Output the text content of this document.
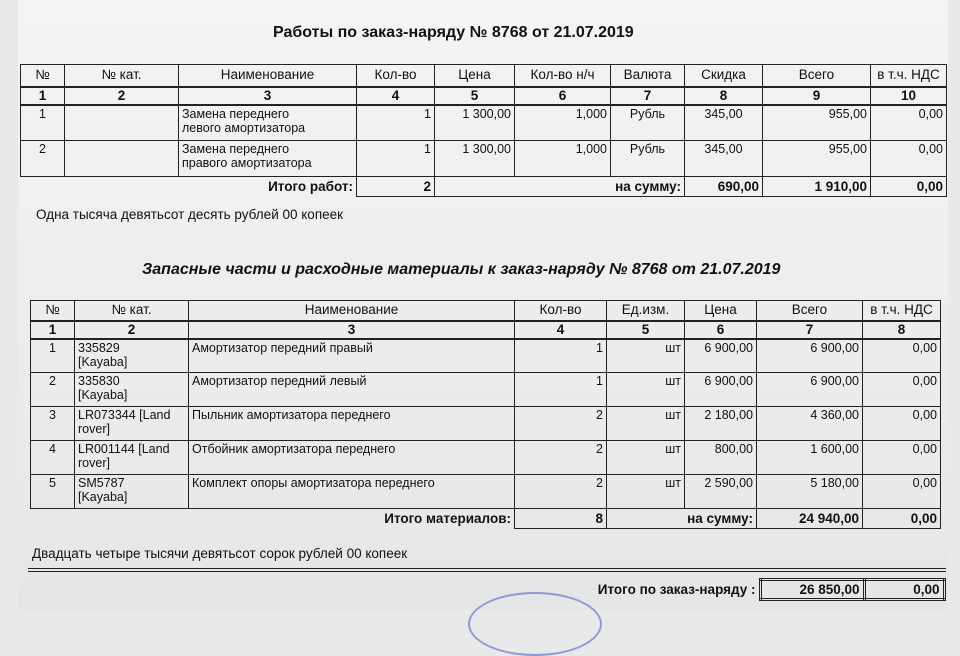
Работы по заказ-наряду № 8768 от 21.07.2019
№	№ кат.	Наименование	Кол-во	Цена	Кол-во н/ч	Валюта	Скидка	Всего	в т.ч. НДС
1	2	3	4	5	6	7	8	9	10
1		Замена переднего
левого амортизатора	1	1 300,00	1,000	Рубль	345,00	955,00	0,00
2		Замена переднего
правого амортизатора	1	1 300,00	1,000	Рубль	345,00	955,00	0,00
Итого работ:			2	на сумму:			690,00	1 910,00	0,00
Одна тысяча девятьсот десять рублей 00 копеек
Запасные части и расходные материалы к заказ-наряду № 8768 от 21.07.2019
№	№ кат.	Наименование	Кол-во	Ед.изм.	Цена	Всего	в т.ч. НДС
1	2	3	4	5	6	7	8
1	335829
[Kayaba]	Амортизатор передний правый	1	шт	6 900,00	6 900,00	0,00
2	335830
[Kayaba]	Амортизатор передний левый	1	шт	6 900,00	6 900,00	0,00
3	LR073344 [Land
rover]	Пыльник амортизатора переднего	2	шт	2 180,00	4 360,00	0,00
4	LR001144 [Land
rover]	Отбойник амортизатора переднего	2	шт	800,00	1 600,00	0,00
5	SM5787
[Kayaba]	Комплект опоры амортизатора переднего	2	шт	2 590,00	5 180,00	0,00
Итого материалов:			8	на сумму:		24 940,00	0,00
Двадцать четыре тысячи девятьсот сорок рублей 00 копеек
Итого по заказ-наряду :	26 850,00	0,00
